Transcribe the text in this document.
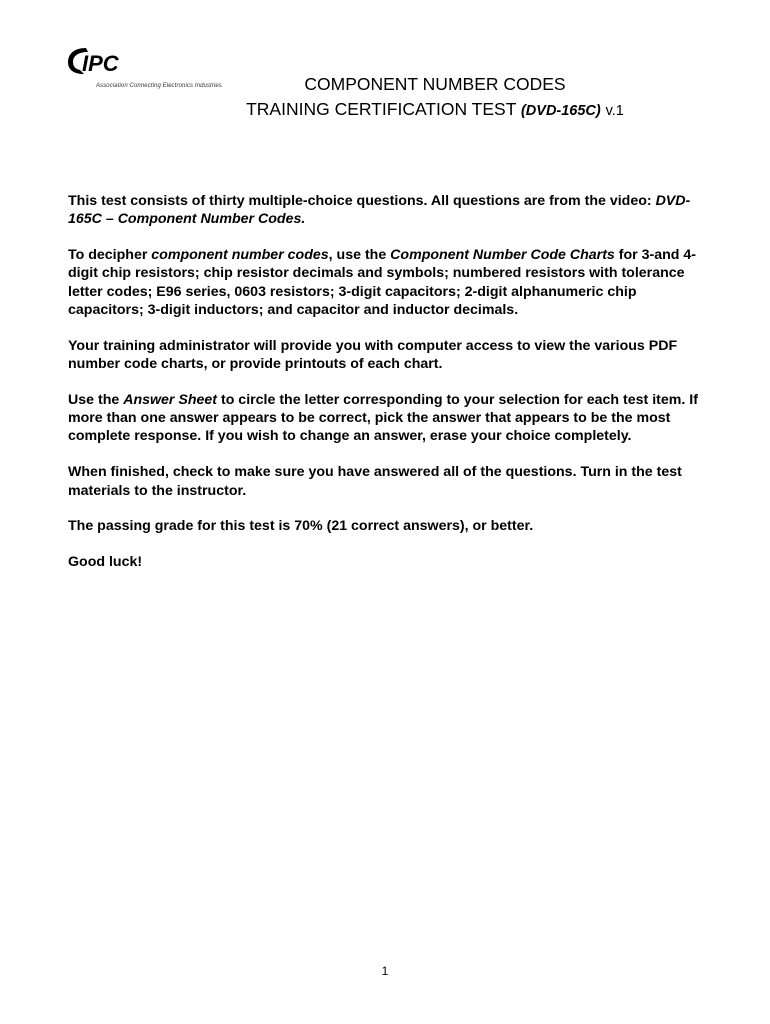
IPC
Association Connecting Electronics Industries	COMPONENT NUMBER CODES
TRAINING CERTIFICATION TEST (DVD-165C) v.1

This test consists of thirty multiple-choice questions. All questions are from the video: DVD-165C – Component Number Codes.

To decipher component number codes, use the Component Number Code Charts for 3-and 4-digit chip resistors; chip resistor decimals and symbols; numbered resistors with tolerance letter codes; E96 series, 0603 resistors; 3-digit capacitors; 2-digit alphanumeric chip capacitors; 3-digit inductors; and capacitor and inductor decimals.

Your training administrator will provide you with computer access to view the various PDF number code charts, or provide printouts of each chart.

Use the Answer Sheet to circle the letter corresponding to your selection for each test item. If more than one answer appears to be correct, pick the answer that appears to be the most complete response. If you wish to change an answer, erase your choice completely.

When finished, check to make sure you have answered all of the questions. Turn in the test materials to the instructor.

The passing grade for this test is 70% (21 correct answers), or better.

Good luck!

1
